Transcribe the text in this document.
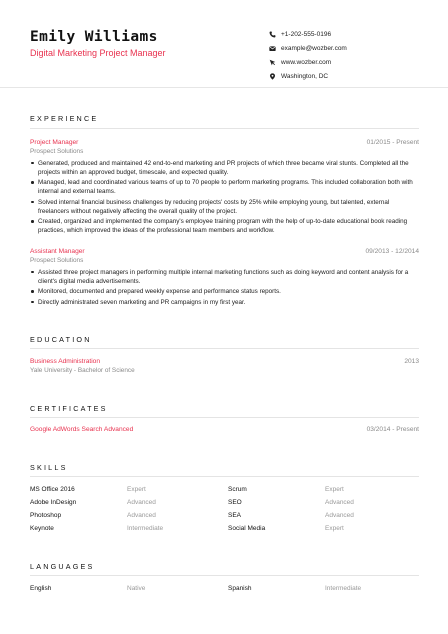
Emily Williams
Digital Marketing Project Manager
+1-202-555-0196
example@wozber.com
www.wozber.com
Washington, DC
EXPERIENCE
Project Manager	01/2015 - Present
Prospect Solutions
Generated, produced and maintained 42 end-to-end marketing and PR projects of which three became viral stunts. Completed all the projects within an approved budget, timescale, and expected quality.
Managed, lead and coordinated various teams of up to 70 people to perform marketing programs. This included collaboration both with internal and external teams.
Solved internal financial business challenges by reducing projects' costs by 25% while employing young, but talented, external freelancers without negatively affecting the overall quality of the project.
Created, organized and implemented the company's employee training program with the help of up-to-date educational book reading practices, which improved the ideas of the professional team members and workflow.
Assistant Manager	09/2013 - 12/2014
Prospect Solutions
Assisted three project managers in performing multiple internal marketing functions such as doing keyword and content analysis for a client's digital media advertisements.
Monitored, documented and prepared weekly expense and performance status reports.
Directly administrated seven marketing and PR campaigns in my first year.
EDUCATION
Business Administration	2013
Yale University - Bachelor of Science
CERTIFICATES
Google AdWords Search Advanced	03/2014 - Present
SKILLS
MS Office 2016	Expert	Scrum	Expert
Adobe InDesign	Advanced	SEO	Advanced
Photoshop	Advanced	SEA	Advanced
Keynote	Intermediate	Social Media	Expert
LANGUAGES
English	Native	Spanish	Intermediate
